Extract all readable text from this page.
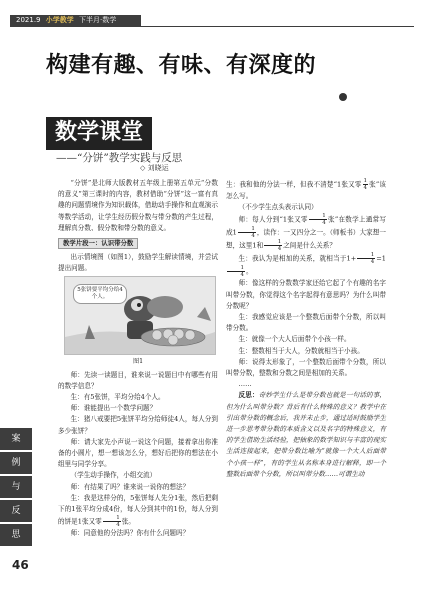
2021.9 小学教学 下半月·数学
构建有趣、有味、有深度的
数学课堂
——“分饼”教学实践与反思
◇ 刘晓运

“分饼”是北师大版教材五年级上册第五单元“分数的意义”第三课时的内容，教材借助“分饼”这一富有真趣的问题情境作为知识载体，借助动手操作和直观演示等数学活动，让学生经历假分数与带分数的产生过程，理解真分数、假分数和带分数的意义。

教学片段一：认识带分数

出示情境图（如图1），鼓励学生解读情境，并尝试提出问题。

5张饼要平均分给4个人。

图1

师：先读一读题目，谁来说一说题目中有哪些有用的数学信息？

生：有5张饼，平均分给4个人。

师：谁能提出一个数学问题？

生：猪八戒要把5张饼平均分给师徒4人，每人分到多少张饼？

师：请大家先小声说一说这个问题，接着拿出你准备的小圆片，想一想该怎么分，想好后把你的想法在小组里与同学分享。

（学生动手操作，小组交流）

师：有结果了吗？谁来说一说你的想法？

生：我是这样分的，5张饼每人先分1张，然后把剩下的1张平均分成4份，每人分到其中的1份，每人分到的饼是1张又零 $\frac{1}{4}$ 张。

师：同意他的分法吗？你有什么问题吗？

生：我和他的分法一样，但我不清楚“1张又零 $\frac{1}{4}$ 张”该怎么写。

（不少学生点头表示认同）

师：每人分到“1张又零 $\frac{1}{4}$ 张”在数学上通常写成$1 \frac{1}{4}$ ，读作：一又四分之一。（师板书）大家想一想，这里1和 $\frac{1}{4}$ 之间是什么关系？

生：我认为是相加的关系，就相当于$1+ \frac{1}{4} =1$
$\frac{1}{4}$ 。

师：像这样的分数数学家还给它起了个有趣的名字叫带分数，你觉得这个名字起得有意思吗？为什么叫带分数呢？

生：我感觉应该是一个整数后面带个分数，所以叫带分数。

生：就像一个大人后面带个小孩一样。

生：整数相当于大人，分数就相当于小孩。

师：说得太形象了，一个整数后面带个分数，所以叫带分数，整数和分数之间是相加的关系。

……

反思：奇妙学生什么是带分数也就是一句话的事，但为什么叫带分数？背后有什么特殊的意义？教学中在引出带分数的概念后，我并未止步，通过适时鼓励学生进一步思考带分数的本质含义以及名字的特殊意义，有的学生借助生活经验，把抽象的数学知识与丰富的现实生活连接起来，把带分数比喻为“就像一个大人后面带个小孩一样”，有的学生从名称本身进行解释，即一个整数后面带个分数，所以叫带分数……可谓生动

案
例
与
反
思
46
